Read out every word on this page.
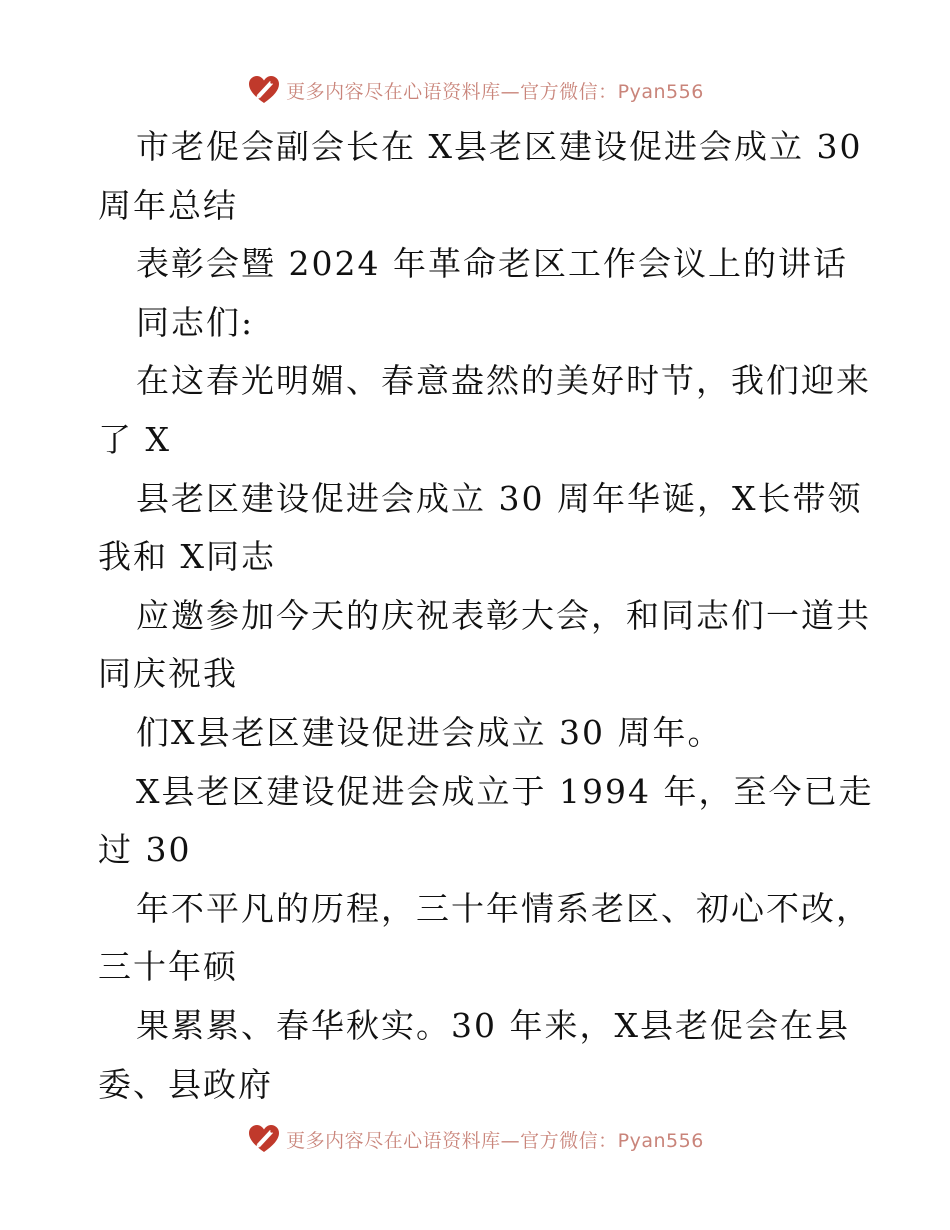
更多内容尽在心语资料库—官方微信：Pyan556
市老促会副会长在 X县老区建设促进会成立 30
周年总结
表彰会暨 2024 年革命老区工作会议上的讲话
同志们:
在这春光明媚、春意盎然的美好时节，我们迎来
了 X
县老区建设促进会成立 30 周年华诞，X长带领
我和 X同志
应邀参加今天的庆祝表彰大会，和同志们一道共
同庆祝我
们X县老区建设促进会成立 30 周年。
X县老区建设促进会成立于 1994 年，至今已走
过 30
年不平凡的历程，三十年情系老区、初心不改，
三十年硕
果累累、春华秋实。30 年来，X县老促会在县
委、县政府
更多内容尽在心语资料库—官方微信：Pyan556
